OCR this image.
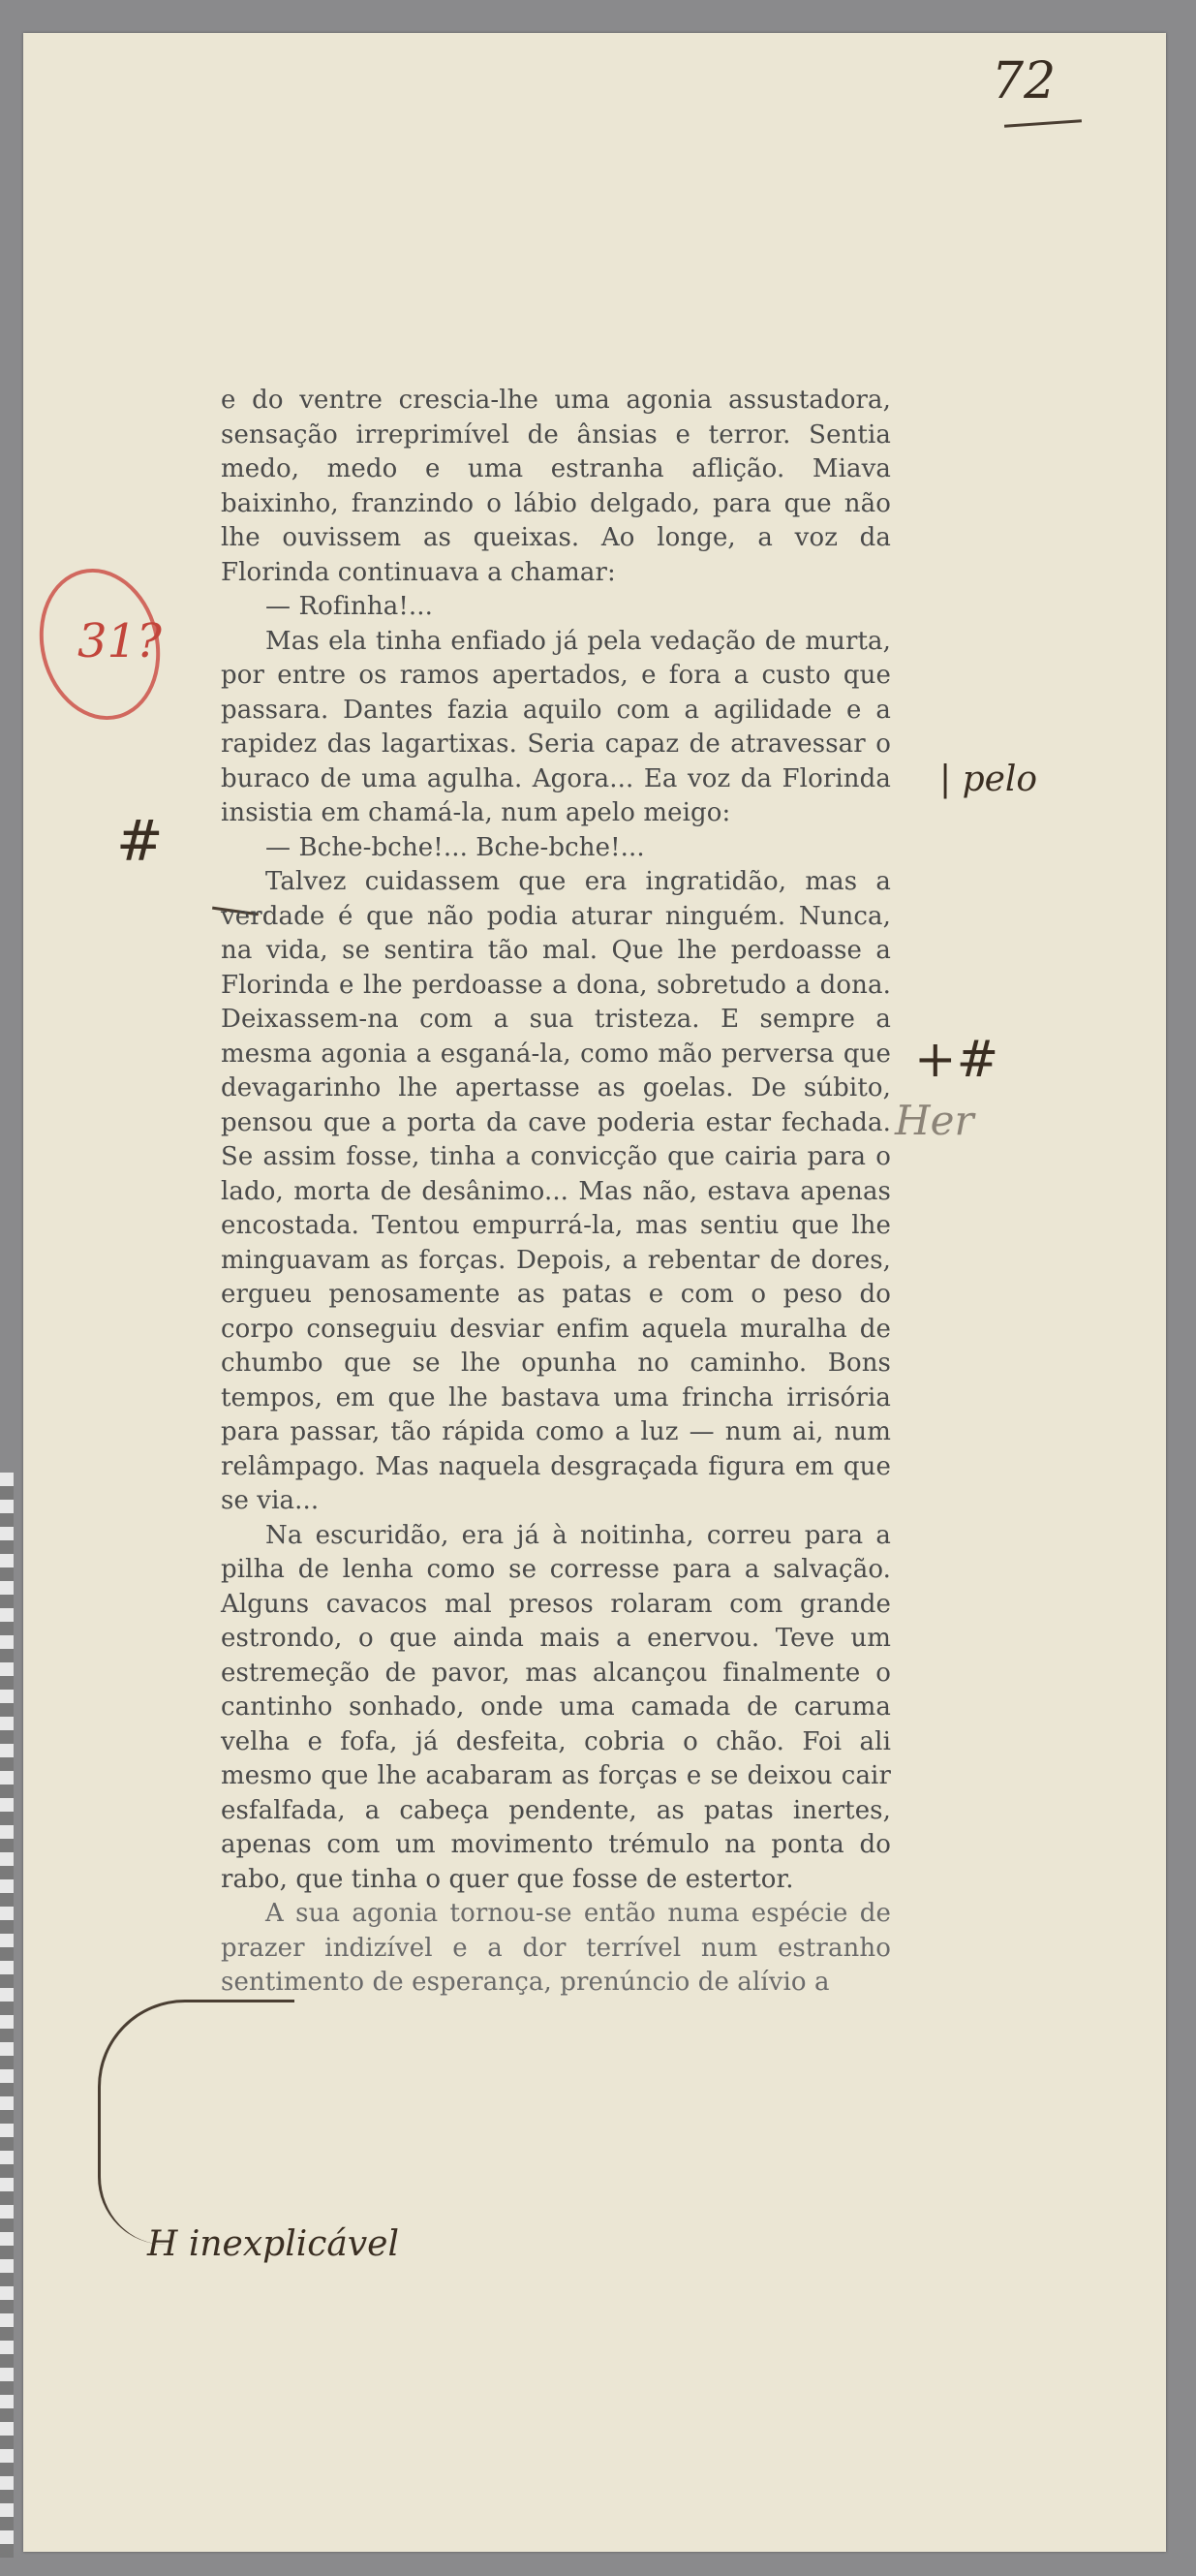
72
31?
#
| pelo
+#
Her
H inexplicável

e do ventre crescia-lhe uma agonia assustadora, sensação irreprimível de ânsias e terror. Sentia medo, medo e uma estranha aflição. Miava baixinho, franzindo o lábio delgado, para que não lhe ouvissem as queixas. Ao longe, a voz da Florinda continuava a chamar:

— Rofinha!...

Mas ela tinha enfiado já pela vedação de murta, por entre os ramos apertados, e fora a custo que passara. Dantes fazia aquilo com a agilidade e a rapidez das lagartixas. Seria capaz de atravessar o buraco de uma agulha. Agora... Ea voz da Florinda insistia em chamá-la, num apelo meigo:

— Bche-bche!... Bche-bche!...

Talvez cuidassem que era ingratidão, mas a verdade é que não podia aturar ninguém. Nunca, na vida, se sentira tão mal. Que lhe perdoasse a Florinda e lhe perdoasse a dona, sobretudo a dona. Deixassem-na com a sua tristeza. E sempre a mesma agonia a esganá-la, como mão perversa que devagarinho lhe apertasse as goelas. De súbito, pensou que a porta da cave poderia estar fechada. Se assim fosse, tinha a convicção que cairia para o lado, morta de desânimo... Mas não, estava apenas encostada. Tentou empurrá-la, mas sentiu que lhe minguavam as forças. Depois, a rebentar de dores, ergueu penosamente as patas e com o peso do corpo conseguiu desviar enfim aquela muralha de chumbo que se lhe opunha no caminho. Bons tempos, em que lhe bastava uma frincha irrisória para passar, tão rápida como a luz — num ai, num relâmpago. Mas naquela desgraçada figura em que se via...

Na escuridão, era já à noitinha, correu para a pilha de lenha como se corresse para a salvação. Alguns cavacos mal presos rolaram com grande estrondo, o que ainda mais a enervou. Teve um estremeção de pavor, mas alcançou finalmente o cantinho sonhado, onde uma camada de caruma velha e fofa, já desfeita, cobria o chão. Foi ali mesmo que lhe acabaram as forças e se deixou cair esfalfada, a cabeça pendente, as patas inertes, apenas com um movimento trémulo na ponta do rabo, que tinha o quer que fosse de estertor.

A sua agonia tornou-se então numa espécie de prazer indizível e a dor terrível num estranho sentimento de esperança, prenúncio de alívio a
